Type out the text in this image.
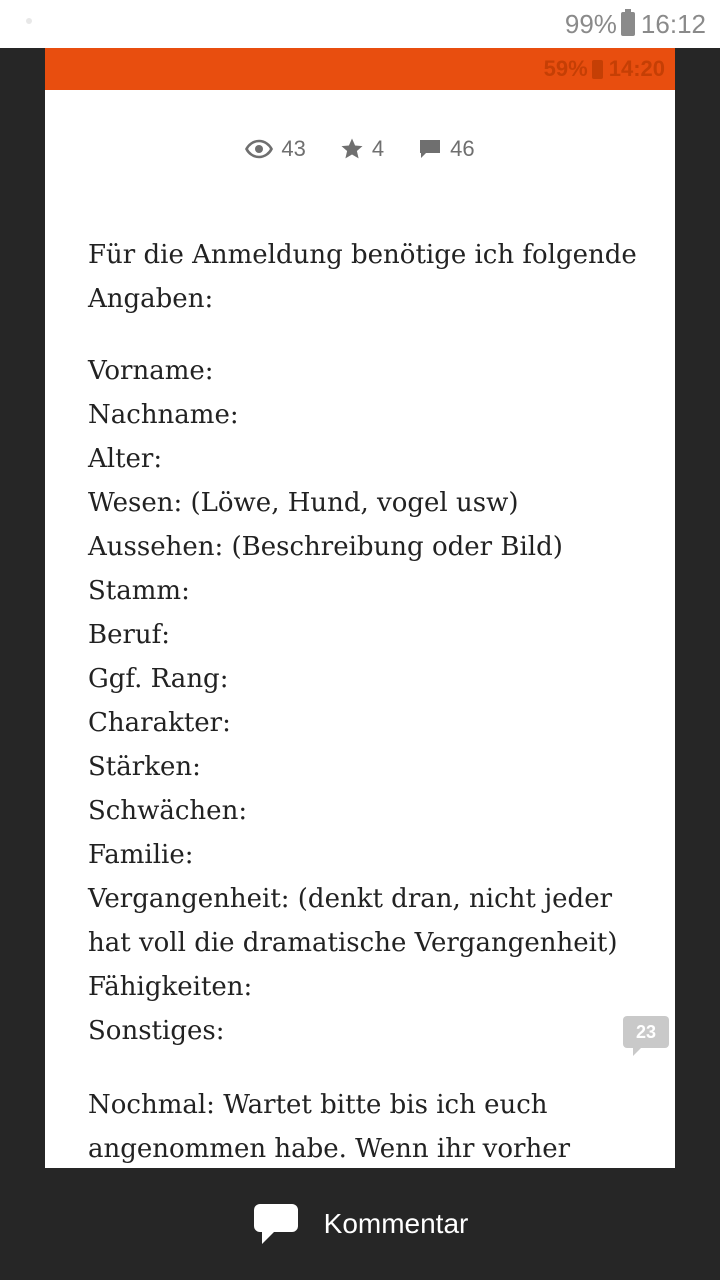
99% 16:12
59% 14:20
43	4	46

Für die Anmeldung benötige ich folgende Angaben:

Vorname:
Nachname:
Alter:
Wesen: (Löwe, Hund, vogel usw)
Aussehen: (Beschreibung oder Bild)
Stamm:
Beruf:
Ggf. Rang:
Charakter:
Stärken:
Schwächen:
Familie:
Vergangenheit: (denkt dran, nicht jeder
hat voll die dramatische Vergangenheit)
Fähigkeiten:
Sonstiges:
Nochmal: Wartet bitte bis ich euch
angenommen habe. Wenn ihr vorher
23
Kommentar
